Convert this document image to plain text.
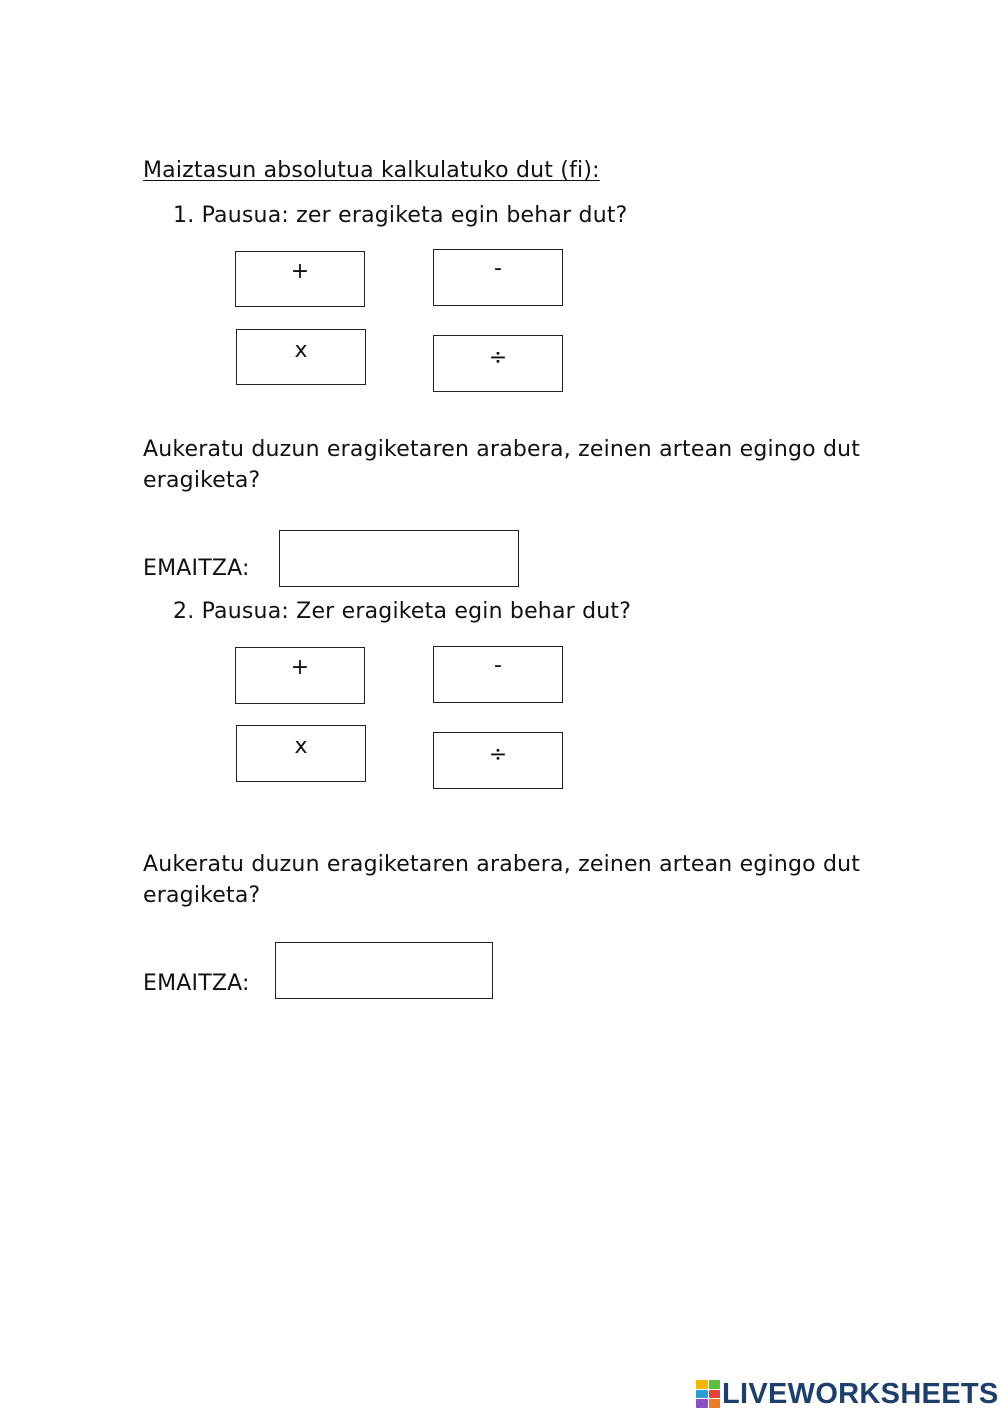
Maiztasun absolutua kalkulatuko dut (fi):
1. Pausua: zer eragiketa egin behar dut?
+	-
x	÷
Aukeratu duzun eragiketaren arabera, zeinen artean egingo dut eragiketa?
EMAITZA:
2. Pausua: Zer eragiketa egin behar dut?
+	-
x	÷
Aukeratu duzun eragiketaren arabera, zeinen artean egingo dut eragiketa?
EMAITZA:
LIVEWORKSHEETS
